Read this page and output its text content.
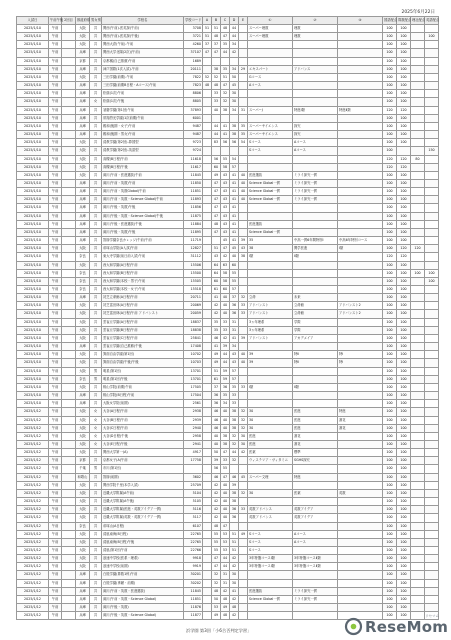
2025年6月22日
入試日	午前午後	2回目	都道府県	男女別	学校名	学校コード	A	B	C	D	E	①	②	③	国語配点	算数配点	理社配点	英語配点
2025/1/10	午前		大阪	共	関西(午前)-医英探(午前)	3708	51	51	48	44		スーパー理数	理数		100	100		
2025/1/10	午前		大阪	共	関西(午前)-医英探(午後)	3721	51	48	47	44		スーパー理数	理数		100	100		100
2025/1/10	午前		大阪	共	関西大倉(午前)-午前	4260	37	37	35	34					100	100		
2025/1/10	午前		兵庫	共	関西大学北陽(2次)(午前)	37107	47	47	44	42					100	100		
2025/1/10	午前		京都	共	京都橘(自己推薦)午前	1689									100	100		
2025/1/10	午前		兵庫	共	神戸国際(1次入試)-午前	20111		38	35	34	29	エキスパート	アドバンス		100	100		
2025/1/10	午前		大阪	共	三田学園(前期)-午前	7822	52	52	51	50		Gコース			100	100		
2025/1/10	午前		兵庫	共	三田学園(前期B日程・Aコース)午前	7823	48	48	47	45		Aコース			100	100		
2025/1/10	午前		兵庫	共	松蔭(1次)午前	8806		33	32	30					100	100		
2025/1/10	午前		兵庫	女	松蔭(1次)午後	8805		33	32	30					100	100		
2025/1/10	午前		兵庫	共	須磨学園(第1回)午前	37893		40	38	34	31	スーパーJ	特進Ⅰ類	特進Ⅱ類	120	120		
2025/1/10	午前		兵庫	共	常翔啓光学園(1次前期)午前	6001									100	100		
2025/1/10	午前		兵庫	共	親和(後期・女子)午前	9487		44	41	38	35	スーパーサイエンス	探究		100	100		
2025/1/10	午前		兵庫	共	親和(後期・男女)午前	9487		44	41	38	35	スーパーサイエンス	探究		100	100		
2025/1/10	午前		大阪	共	清教学園(第2回)-算国型	9723		83	56	56	54	Sコース	Aコース		100	100		
2025/1/10	午前		大阪	共	清教学園(第2回)-英語型	9724						Sコース	Aコース		100			150
2025/1/10	午前		大阪	共	高槻(B日程)午前	11618		56	55	54					120	120	80	
2025/1/10	午前		大阪	共	高槻(B日程)午後	11617		60	58	57					120	120		
2025/1/10	午前		大阪	共	滝川(午前・医進選抜)午前	11845		49	43	41	40	医進選抜	ミライ探究一貫		100	100		
2025/1/10	午前		兵庫	共	滝川(午前・英数)午前	11850		47	43	41	40	Science Global一貫	ミライ探究一貫		100	100		
2025/1/10	午前		兵庫	共	滝川(午前・英数Global)午前	11851		47	43	41	40	Science Global一貫	ミライ探究一貫		100	100		
2025/1/10	午前		兵庫	共	滝川(午前・英数・Science Global)午前	11893		47	43	41	40	Science Global一貫	ミライ探究一貫		100	100		
2025/1/10	午前		兵庫	共	滝川(午後・英数)午後	11856		47	43	41					100	100		
2025/1/10	午前		兵庫	共	滝川(午後・英数・Science Global)午後	11875		47	43	41					100	100		
2025/1/10	午前		兵庫	共	滝川(午後・医進選抜)午後	11884		48	43	41		医進選抜			100	100		
2025/1/10	午前		兵庫	共	滝川(午後・英数)午後	11895		47	43	41		Science Global一貫			100	100		
2025/1/10	午前		兵庫	共	智辯学園奈良カレッジ(午前)午前	11719			45	41	39	35	中高一貫6年間特別Ⅰ	中高6年特別コース	100	100		
2025/1/10	午前		大阪	共	帝塚山学院(A入試)午前	12827		51	47	45	43	38	関学医進	Ⅰ類	100	120	120	
2025/1/10	午前		奈良	共	東大寺学園(前日前入試)午前	31112		43	42	40	38	Ⅰ類	Ⅱ類		120	120		
2025/1/10	午前		大阪	共	西大和学園(A日程)午前	15506		64	63	60					100	100		
2025/1/10	午前		奈良	共	西大和学園(B日程)午前	15500		64	58	55					100	100	100	100
2025/1/10	午前		奈良	共	西大和学園(本校・男子)午前	15505		60	58	55					100	100		100
2025/1/10	午前		奈良	共	西大和学園(本校・女子)午前	15518		61	60	57					100	100		
2025/1/10	午前		兵庫	共	初芝立命館(A日程)午前	20711		41	40	37	32	立命	未来		100	100		
2025/1/10	午前		大阪	共	初芝富田林(A日程)午前	20069		42	40	36	33	アドバンスト	立命館	アドバンスト2	100	100		
2025/1/10	午前		大阪	共	初芝富田林(A日程)午前 アドバンスト	20059		42	40	36	33	アドバンスト	立命館	アドバンスト2	100	100		
2025/1/10	午前		大阪	共	雲雀丘学園(A日程)午前	18837		35	33	31		3ヵ年理系	学際		100	100		
2025/1/10	午前		大阪	共	雲雀丘学園(B日程)午前	18838		35	33	31		3ヵ年理系	学際		100	100		
2025/1/10	午前		大阪	共	雲雀丘学園(C日程)午前	25841		46	42	41	39	アドバンスト	アカデメイア		100	100		
2025/1/10	午前		兵庫	共	雲雀丘学園(自己推薦)午後	17408		41	39	34					100	100		
2025/1/10	午前		大阪	共	箕面自由学園(第1回)	10702		49	44	43	40	39	特Ⅱ	特Ⅰ	100	100		
2025/1/10	午前		大阪	共	箕面自由学園(午後)午後	10703		49	44	43	40	39	特Ⅱ	特Ⅰ	100	100		
2025/1/10	午前		大阪	男	明星(第1回)	13701		51	59	57					100	100		
2025/1/10	午前		奈良	男	明星(第1回)午後	13701		61	59	57					100	100		
2025/1/10	午前		大阪	共	桃山学院(前期)午前	17505		37	36	35	33	Ⅰ類	Ⅱ類		100	100		
2025/1/10	午前		兵庫	共	桃山学院(B日程)午前	17504		36	35	33					100	100		
2025/1/10	午前		兵庫	共	大阪女学院(前期)	2561		36	34	33					100	100		
2025/1/12	午前		大阪	女	大谷(A日程)午前	2938		46	40	38	32	30	医進	特進	100	100		
2025/1/12	午前		大阪	女	大谷(B日程)午前	2939		46	40	38	32	30	医進	凛花	100	100		
2025/1/12	午前		大阪	女	大谷(C日程)午前	2940		46	40	38	32	30	医進	凛花	100	100		
2025/1/12	午前		大阪	女	大谷(D日程)午後	2958		40	38	32	30	医進	凛花		100	100		
2025/1/12	午前		大阪	女	大谷(E日程)午後	2941		40	38	32	30	医進	凛花		100	100		
2025/1/12	午前		大阪	共	関西大学第一(A)	4917		50	47	44	42	医薬	標準		100	100		
2025/1/12	午前		京都	共	京都女子(A)午前	17758		39	33	32		ウィステリア・ヴィタミニ	SGHS探究		100	100		
2025/1/12	午前		千葉	男	市川(第1回)			56	55						100	100		
2025/1/12	午前		和歌山	共	智辯(前期)	3602		46	47	46	45	スーパー文理	特進		100	100		
2025/1/12	午前		大阪	共	関西学院千里(本学入試)	25709		42	40	39					100	100		
2025/1/12	午前		大阪	共	近畿大学附属(A午前)	5104		42	40	38	32	30	医薬	英数	100	100		
2025/1/12	午前		大阪	共	近畿大学附属(A午後)	5105		42	40	38					100	100		
2025/1/12	午前		大阪	共	近畿大学附属(医進・英数アイデア一貫)	5116		42	40	36	33	英数アドバンス	英数アイデア		100	100		
2025/1/12	午前		大阪	共	近畿大学附属(英数・英数アイデア一貫)	5117		42	40	36		英数アドバンス	英数アイデア		100	100		
2025/1/12	午前		奈良	共	帝塚山(A日程)	6107		48	47						100	100		
2025/1/12	午前		大阪	共	清風南海(B日程)	22765		55	53	51	49	Sコース	Aコース		100	100		
2025/1/12	午前		大阪	共	清風南海(B日程)午後	22765		55	53	51		Sコース	Aコース		100	100		
2025/1/12	午前		大阪	共	清風(第1回)午前	22766		55	53	51		Sコース			100	100		
2025/1/12	午前		大阪	共	浪速中学校(医系・理系)	9918		47	44	42		3年特選コースⅠ類	3年特選コースⅡ類		100	100		
2025/1/12	午前		大阪	共	浪速中学校(前期)	9919		47	44	42		3年特選コースⅠ類	3年特選コースⅡ類		100	100		
2025/1/12	午前		兵庫	共	白陵学園(算数1科)午前	30201		32	31	30					100	100		
2025/1/12	午前		兵庫	共	白陵学園(専願・前期)	30202		32	31	30					100	100		
2025/1/12	午前		兵庫	共	滝川(午前・英数・医進選抜)	11845		48	42	41		医進選抜	ミライ探究一貫		100	100		
2025/1/12	午前		兵庫	共	滝川(午前・英数・Science Global)	11851		50	48	42		Science Global一貫	ミライ探究一貫		100	100		
2025/1/12	午前		兵庫	共	滝川(午後・英数)	11876		53	49	48					100	100		
2025/1/12	午前		兵庫	共	滝川(午後・英数・Science Global)	11877		49	48	42					100	100		
浜学園 第3回「小6合否判定学習」	ReseMom
リセマム
